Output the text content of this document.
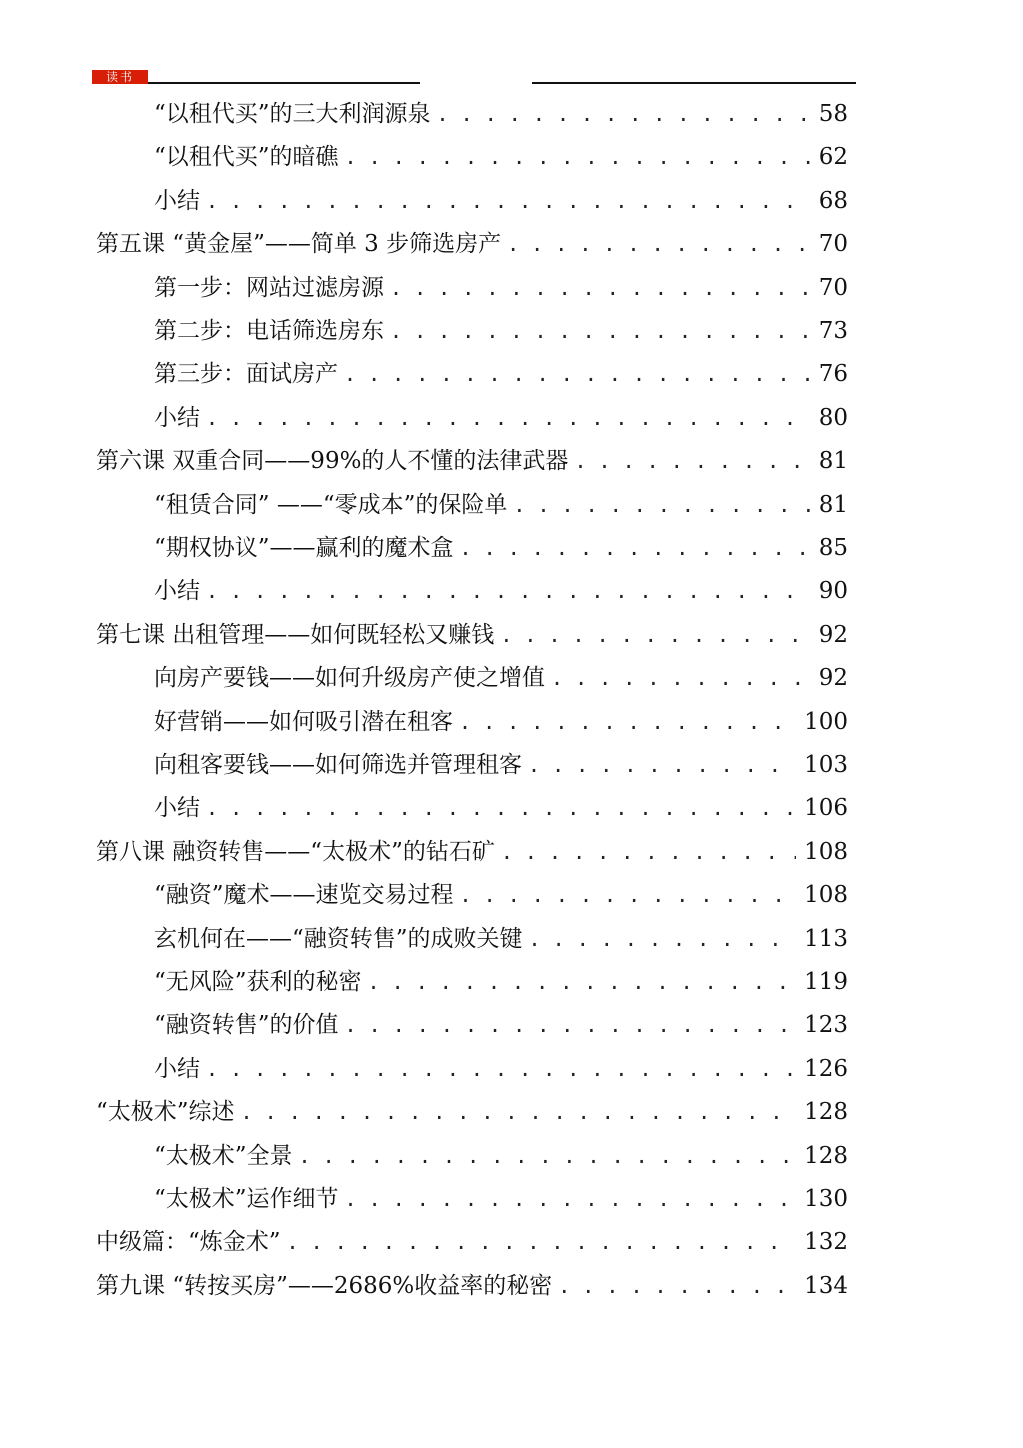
读书
“以租代买”的三大利润源泉 . . .	58
“以租代买”的暗礁 . . .	62
小结 . . .	68
第五课 “黄金屋”——简单 3 步筛选房产 . . .	70
第一步：网站过滤房源 . . .	70
第二步：电话筛选房东 . . .	73
第三步：面试房产 . . .	76
小结 . . .	80
第六课 双重合同——99%的人不懂的法律武器 . . .	81
“租赁合同” ——“零成本”的保险单 . . .	81
“期权协议”——赢利的魔术盒 . . .	85
小结 . . .	90
第七课 出租管理——如何既轻松又赚钱 . . .	92
向房产要钱——如何升级房产使之增值 . . .	92
好营销——如何吸引潜在租客 . . .	100
向租客要钱——如何筛选并管理租客 . . .	103
小结 . . .	106
第八课 融资转售——“太极术”的钻石矿 . . .	108
“融资”魔术——速览交易过程 . . .	108
玄机何在——“融资转售”的成败关键 . . .	113
“无风险”获利的秘密 . . .	119
“融资转售”的价值 . . .	123
小结 . . .	126
“太极术”综述 . . .	128
“太极术”全景 . . .	128
“太极术”运作细节 . . .	130
中级篇：“炼金术” . . .	132
第九课 “转按买房”——2686%收益率的秘密 . . .	134
